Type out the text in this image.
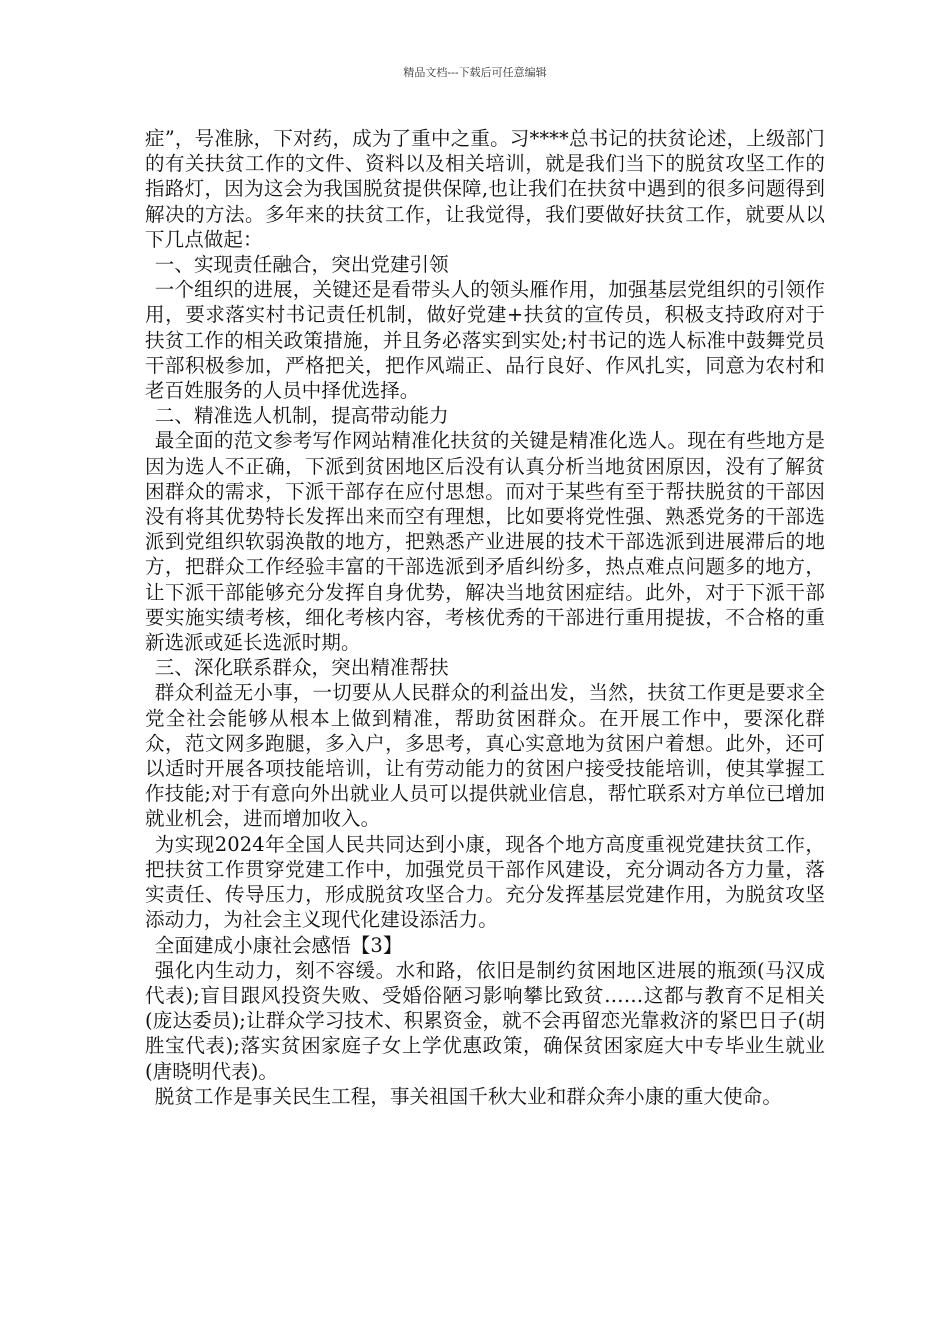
精品文档---下载后可任意编辑

症”，号准脉，下对药，成为了重中之重。习****总书记的扶贫论述，上级部门的有关扶贫工作的文件、资料以及相关培训，就是我们当下的脱贫攻坚工作的指路灯，因为这会为我国脱贫提供保障,也让我们在扶贫中遇到的很多问题得到解决的方法。多年来的扶贫工作，让我觉得，我们要做好扶贫工作，就要从以下几点做起：

一、实现责任融合，突出党建引领

一个组织的进展，关键还是看带头人的领头雁作用，加强基层党组织的引领作用，要求落实村书记责任机制，做好党建+扶贫的宣传员，积极支持政府对于扶贫工作的相关政策措施，并且务必落实到实处;村书记的选人标准中鼓舞党员干部积极参加，严格把关，把作风端正、品行良好、作风扎实，同意为农村和老百姓服务的人员中择优选择。

二、精准选人机制，提高带动能力

最全面的范文参考写作网站精准化扶贫的关键是精准化选人。现在有些地方是因为选人不正确，下派到贫困地区后没有认真分析当地贫困原因，没有了解贫困群众的需求，下派干部存在应付思想。而对于某些有至于帮扶脱贫的干部因没有将其优势特长发挥出来而空有理想，比如要将党性强、熟悉党务的干部选派到党组织软弱涣散的地方，把熟悉产业进展的技术干部选派到进展滞后的地方，把群众工作经验丰富的干部选派到矛盾纠纷多，热点难点问题多的地方，让下派干部能够充分发挥自身优势，解决当地贫困症结。此外，对于下派干部要实施实绩考核，细化考核内容，考核优秀的干部进行重用提拔，不合格的重新选派或延长选派时期。

三、深化联系群众，突出精准帮扶

群众利益无小事，一切要从人民群众的利益出发，当然，扶贫工作更是要求全党全社会能够从根本上做到精准，帮助贫困群众。在开展工作中，要深化群众，范文网多跑腿，多入户，多思考，真心实意地为贫困户着想。此外，还可以适时开展各项技能培训，让有劳动能力的贫困户接受技能培训，使其掌握工作技能;对于有意向外出就业人员可以提供就业信息，帮忙联系对方单位已增加就业机会，进而增加收入。

为实现2024年全国人民共同达到小康，现各个地方高度重视党建扶贫工作，把扶贫工作贯穿党建工作中，加强党员干部作风建设，充分调动各方力量，落实责任、传导压力，形成脱贫攻坚合力。充分发挥基层党建作用，为脱贫攻坚添动力，为社会主义现代化建设添活力。

全面建成小康社会感悟【3】

强化内生动力，刻不容缓。水和路，依旧是制约贫困地区进展的瓶颈(马汉成代表);盲目跟风投资失败、受婚俗陋习影响攀比致贫……这都与教育不足相关(庞达委员);让群众学习技术、积累资金，就不会再留恋光靠救济的紧巴日子(胡胜宝代表);落实贫困家庭子女上学优惠政策，确保贫困家庭大中专毕业生就业(唐晓明代表)。

脱贫工作是事关民生工程，事关祖国千秋大业和群众奔小康的重大使命。
